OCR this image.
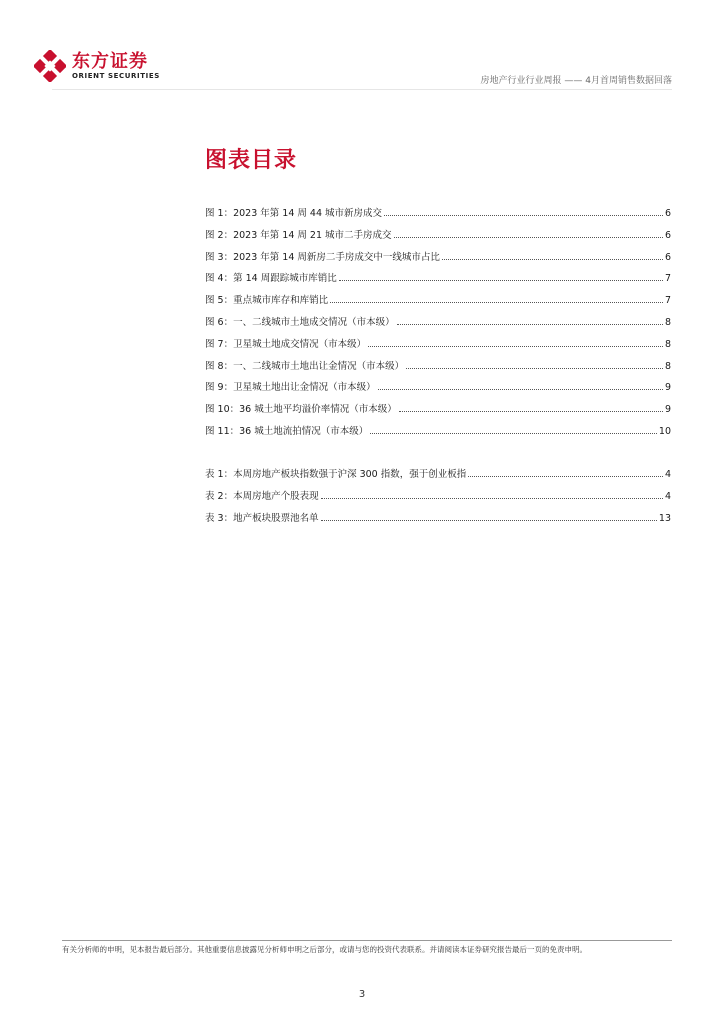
东方证券
ORIENT SECURITIES
房地产行业行业周报 —— 4月首周销售数据回落
图表目录
图 1：2023 年第 14 周 44 城市新房成交	6
图 2：2023 年第 14 周 21 城市二手房成交	6
图 3：2023 年第 14 周新房二手房成交中一线城市占比	6
图 4：第 14 周跟踪城市库销比	7
图 5：重点城市库存和库销比	7
图 6：一、二线城市土地成交情况（市本级）	8
图 7：卫星城土地成交情况（市本级）	8
图 8：一、二线城市土地出让金情况（市本级）	8
图 9：卫星城土地出让金情况（市本级）	9
图 10：36 城土地平均溢价率情况（市本级）	9
图 11：36 城土地流拍情况（市本级）	10
表 1：本周房地产板块指数强于沪深 300 指数，强于创业板指	4
表 2：本周房地产个股表现	4
表 3：地产板块股票池名单	13
有关分析师的申明，见本报告最后部分。其他重要信息披露见分析师申明之后部分，或请与您的投资代表联系。并请阅读本证券研究报告最后一页的免责申明。
3
